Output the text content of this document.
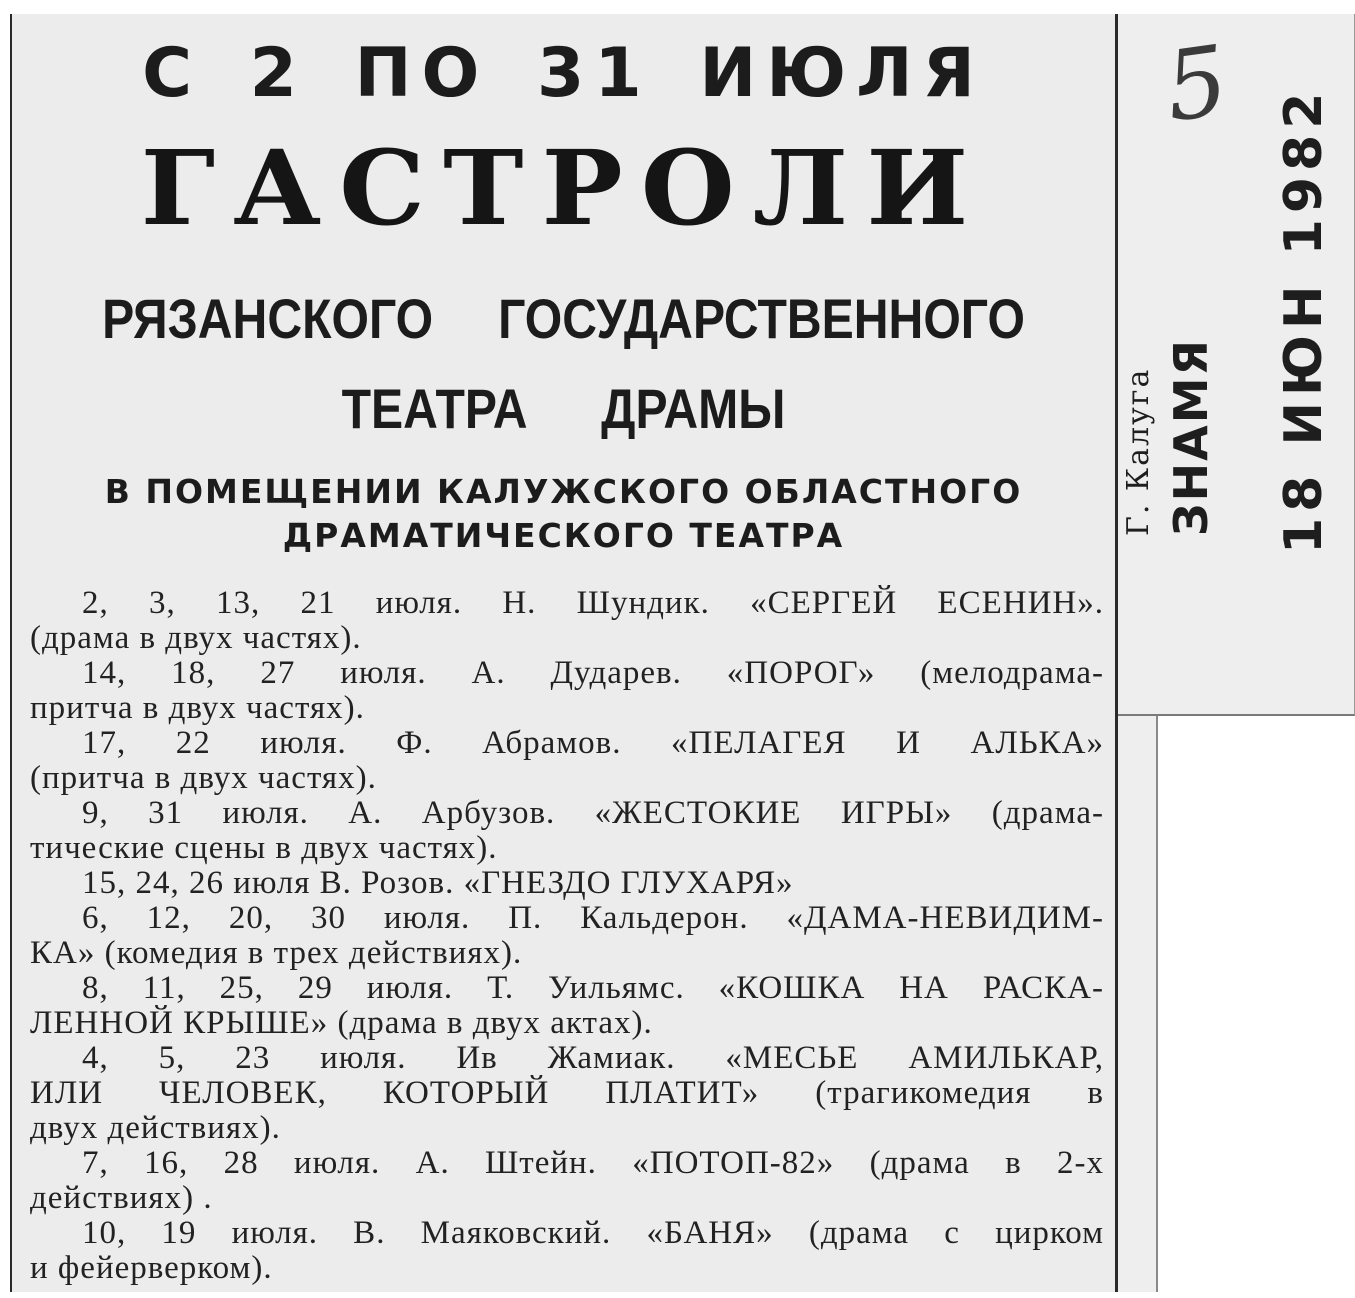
С 2 ПО 31 ИЮЛЯ
ГАСТРОЛИ
РЯЗАНСКОГО ГОСУДАРСТВЕННОГО
ТЕАТРА ДРАМЫ
В ПОМЕЩЕНИИ КАЛУЖСКОГО ОБЛАСТНОГО
ДРАМАТИЧЕСКОГО ТЕАТРА
2, 3, 13, 21 июля. Н. Шундик. «СЕРГЕЙ ЕСЕНИН».
(драма в двух частях).
14, 18, 27 июля. А. Дударев. «ПОРОГ» (мелодрама-
притча в двух частях).
17, 22 июля. Ф. Абрамов. «ПЕЛАГЕЯ И АЛЬКА»
(притча в двух частях).
9, 31 июля. А. Арбузов. «ЖЕСТОКИЕ ИГРЫ» (драма-
тические сцены в двух частях).
15, 24, 26 июля В. Розов. «ГНЕЗДО ГЛУХАРЯ»
6, 12, 20, 30 июля. П. Кальдерон. «ДАМА-НЕВИДИМ-
КА» (комедия в трех действиях).
8, 11, 25, 29 июля. Т. Уильямс. «КОШКА НА РАСКА-
ЛЕННОЙ КРЫШЕ» (драма в двух актах).
4, 5, 23 июля. Ив Жамиак. «МЕСЬЕ АМИЛЬКАР,
ИЛИ ЧЕЛОВЕК, КОТОРЫЙ ПЛАТИТ» (трагикомедия в
двух действиях).
7, 16, 28 июля. А. Штейн. «ПОТОП-82» (драма в 2-х
действиях) .
10, 19 июля. В. Маяковский. «БАНЯ» (драма с цирком
и фейерверком).
5
18 ИЮН 1982
ЗНАМЯ
Г. Калуга
